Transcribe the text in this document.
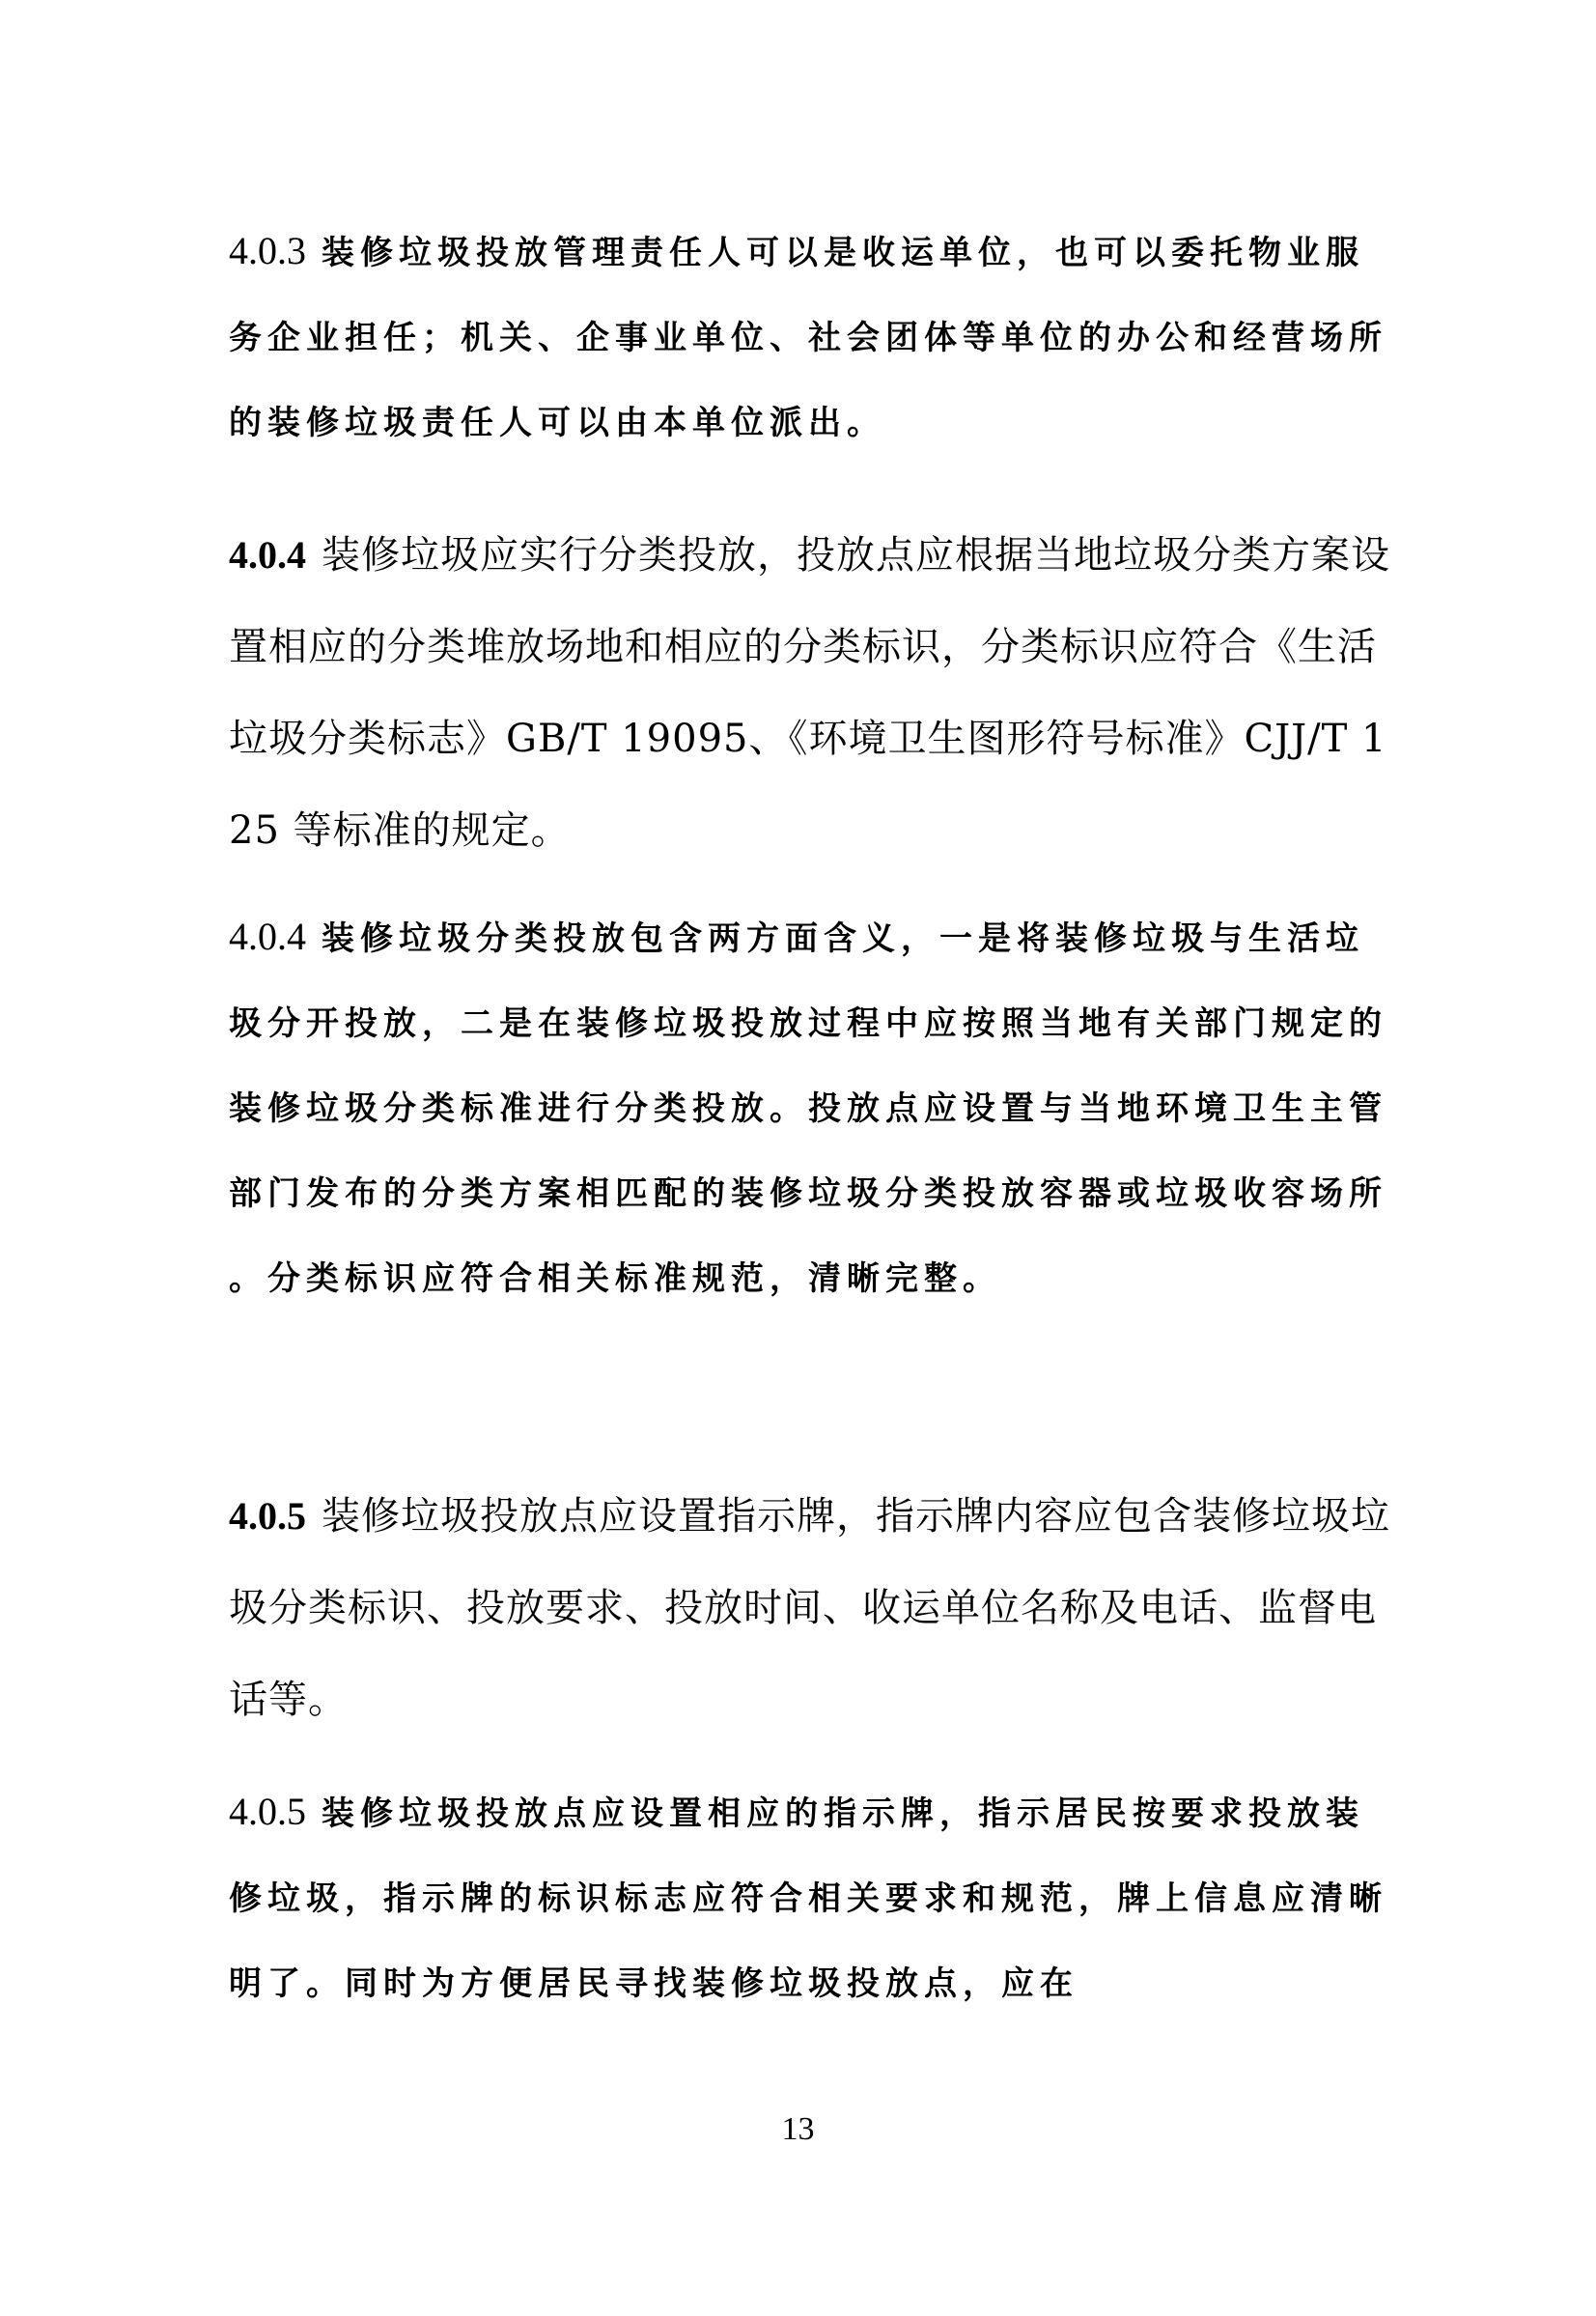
4.0.3 装修垃圾投放管理责任人可以是收运单位，也可以委托物业服务企业担任；机关、企事业单位、社会团体等单位的办公和经营场所的装修垃圾责任人可以由本单位派出。

4.0.4 装修垃圾应实行分类投放，投放点应根据当地垃圾分类方案设置相应的分类堆放场地和相应的分类标识，分类标识应符合《生活垃圾分类标志》GB/T 19095、《环境卫生图形符号标准》CJJ/T 125 等标准的规定。

4.0.4 装修垃圾分类投放包含两方面含义，一是将装修垃圾与生活垃圾分开投放，二是在装修垃圾投放过程中应按照当地有关部门规定的装修垃圾分类标准进行分类投放。投放点应设置与当地环境卫生主管部门发布的分类方案相匹配的装修垃圾分类投放容器或垃圾收容场所。分类标识应符合相关标准规范，清晰完整。

4.0.5 装修垃圾投放点应设置指示牌，指示牌内容应包含装修垃圾垃圾分类标识、投放要求、投放时间、收运单位名称及电话、监督电话等。

4.0.5 装修垃圾投放点应设置相应的指示牌，指示居民按要求投放装修垃圾，指示牌的标识标志应符合相关要求和规范，牌上信息应清晰明了。同时为方便居民寻找装修垃圾投放点，应在

13
